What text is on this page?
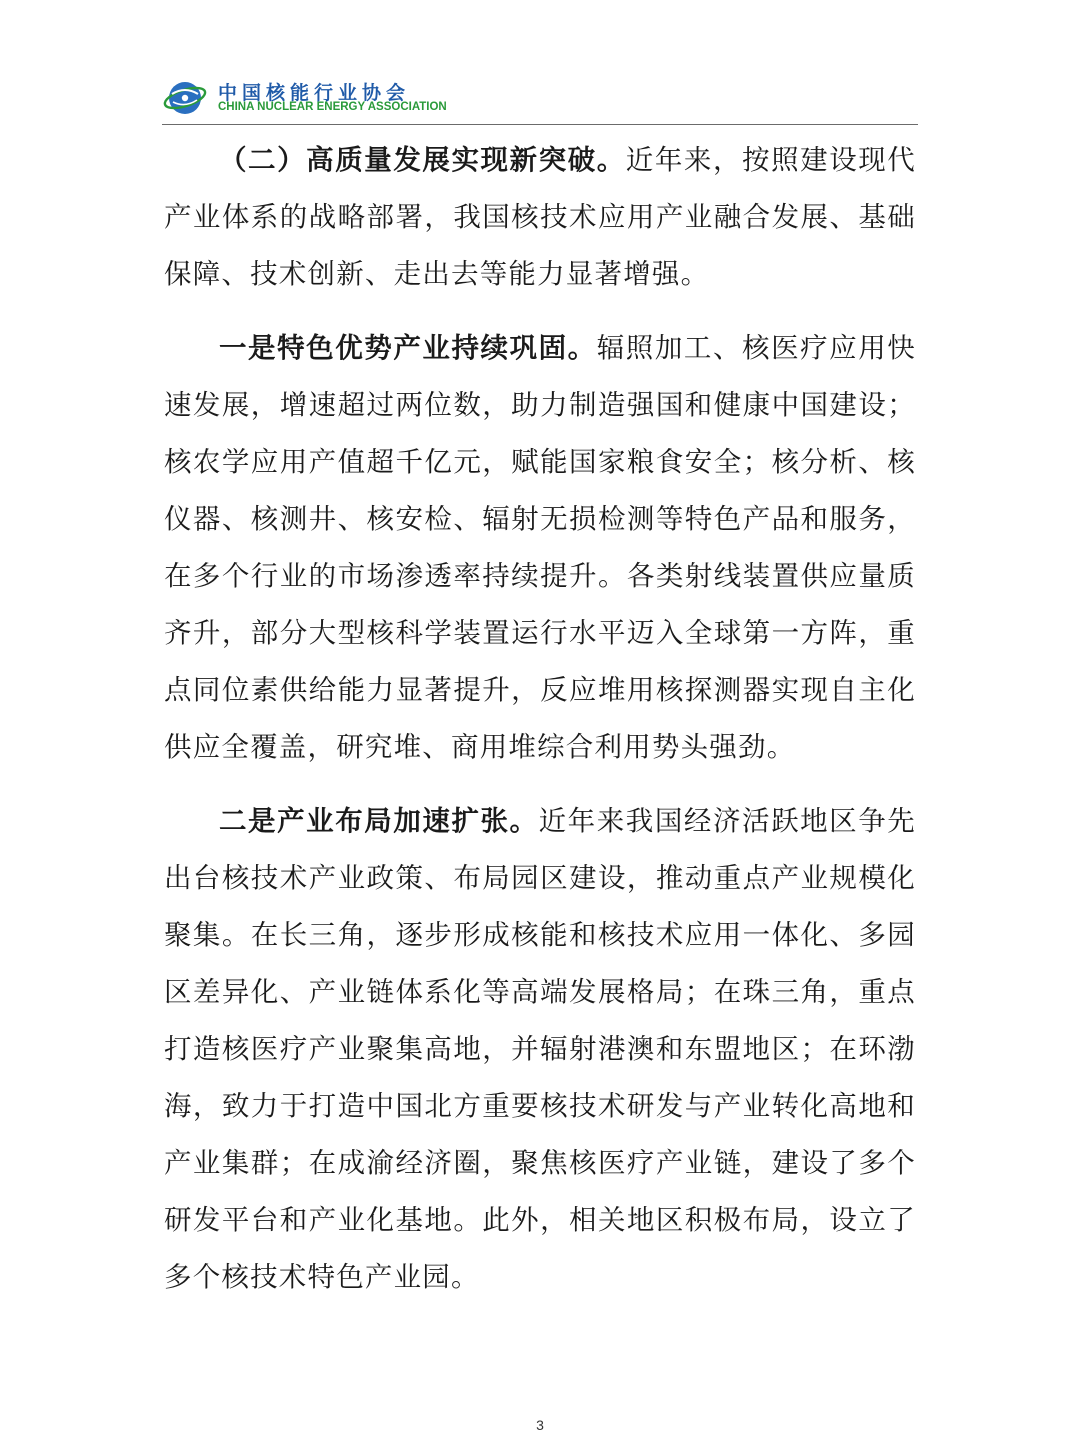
中国核能行业协会
CHINA NUCLEAR ENERGY ASSOCIATION

（二）高质量发展实现新突破。近年来，按照建设现代产业体系的战略部署，我国核技术应用产业融合发展、基础保障、技术创新、走出去等能力显著增强。

一是特色优势产业持续巩固。辐照加工、核医疗应用快速发展，增速超过两位数，助力制造强国和健康中国建设；核农学应用产值超千亿元，赋能国家粮食安全；核分析、核仪器、核测井、核安检、辐射无损检测等特色产品和服务，在多个行业的市场渗透率持续提升。各类射线装置供应量质齐升，部分大型核科学装置运行水平迈入全球第一方阵，重点同位素供给能力显著提升，反应堆用核探测器实现自主化供应全覆盖，研究堆、商用堆综合利用势头强劲。

二是产业布局加速扩张。近年来我国经济活跃地区争先出台核技术产业政策、布局园区建设，推动重点产业规模化聚集。在长三角，逐步形成核能和核技术应用一体化、多园区差异化、产业链体系化等高端发展格局；在珠三角，重点打造核医疗产业聚集高地，并辐射港澳和东盟地区；在环渤海，致力于打造中国北方重要核技术研发与产业转化高地和产业集群；在成渝经济圈，聚焦核医疗产业链，建设了多个研发平台和产业化基地。此外，相关地区积极布局，设立了多个核技术特色产业园。

3
